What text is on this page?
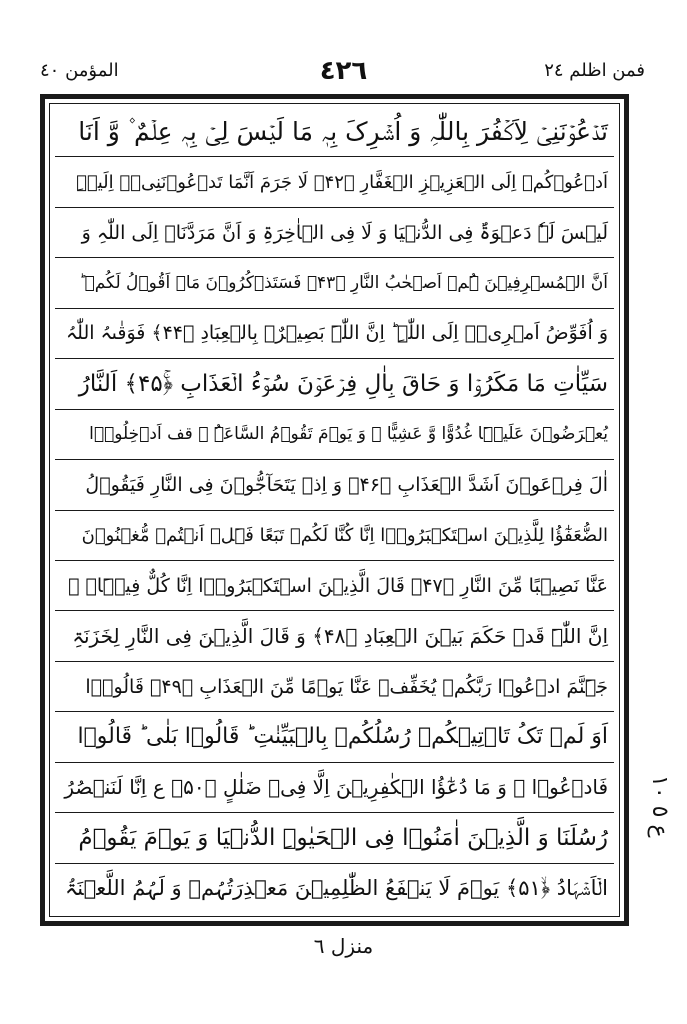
فمن اظلم ٢٤
٤٢٦
المؤمن ٤٠
تَدۡعُوۡنَنِیۡ لِاَکۡفُرَ بِاللّٰہِ وَ اُشۡرِکَ بِہٖ مَا لَیۡسَ لِیۡ بِہٖ عِلۡمٌ ۫ وَّ اَنَا
اَدۡعُوۡکُمۡ اِلَی الۡعَزِیۡزِ الۡغَفَّارِ ﴿۴۲﴾ لَا جَرَمَ اَنَّمَا تَدۡعُوۡنَنِیۡۤ اِلَیۡہِ
لَیۡسَ لَہٗ دَعۡوَۃٌ فِی الدُّنۡیَا وَ لَا فِی الۡاٰخِرَۃِ وَ اَنَّ مَرَدَّنَاۤ اِلَی اللّٰہِ وَ
اَنَّ الۡمُسۡرِفِیۡنَ ہُمۡ اَصۡحٰبُ النَّارِ ﴿۴۳﴾ فَسَتَذۡکُرُوۡنَ مَاۤ اَقُوۡلُ لَکُمۡ ؕ
وَ اُفَوِّضُ اَمۡرِیۡۤ اِلَی اللّٰہِ ؕ اِنَّ اللّٰہَ بَصِیۡرٌۢ بِالۡعِبَادِ ﴿۴۴﴾ فَوَقٰىہُ اللّٰہُ
سَیِّاٰتِ مَا مَکَرُوۡا وَ حَاقَ بِاٰلِ فِرۡعَوۡنَ سُوۡٓءُ الۡعَذَابِ ﴿ۚ۴۵﴾ اَلنَّارُ
یُعۡرَضُوۡنَ عَلَیۡہَا غُدُوًّا وَّ عَشِیًّا ۚ وَ یَوۡمَ تَقُوۡمُ السَّاعَۃُ ۟ قف اَدۡخِلُوۡۤا
اٰلَ فِرۡعَوۡنَ اَشَدَّ الۡعَذَابِ ﴿۴۶﴾ وَ اِذۡ یَتَحَآجُّوۡنَ فِی النَّارِ فَیَقُوۡلُ
الضُّعَفٰٓؤُا لِلَّذِیۡنَ اسۡتَکۡبَرُوۡۤا اِنَّا کُنَّا لَکُمۡ تَبَعًا فَہَلۡ اَنۡتُمۡ مُّغۡنُوۡنَ
عَنَّا نَصِیۡبًا مِّنَ النَّارِ ﴿۴۷﴾ قَالَ الَّذِیۡنَ اسۡتَکۡبَرُوۡۤا اِنَّا کُلٌّ فِیۡہَاۤ ۙ
اِنَّ اللّٰہَ قَدۡ حَکَمَ بَیۡنَ الۡعِبَادِ ﴿۴۸﴾ وَ قَالَ الَّذِیۡنَ فِی النَّارِ لِخَزَنَۃِ
جَہَنَّمَ ادۡعُوۡا رَبَّکُمۡ یُخَفِّفۡ عَنَّا یَوۡمًا مِّنَ الۡعَذَابِ ﴿۴۹﴾ قَالُوۡۤا
اَوَ لَمۡ تَکُ تَاۡتِیۡکُمۡ رُسُلُکُمۡ بِالۡبَیِّنٰتِ ؕ قَالُوۡا بَلٰی ؕ قَالُوۡا
فَادۡعُوۡا ۚ وَ مَا دُعٰٓؤُا الۡکٰفِرِیۡنَ اِلَّا فِیۡ ضَلٰلٍ ﴿۵۰﴾ ع اِنَّا لَنَنۡصُرُ
رُسُلَنَا وَ الَّذِیۡنَ اٰمَنُوۡا فِی الۡحَیٰوۃِ الدُّنۡیَا وَ یَوۡمَ یَقُوۡمُ
الۡاَشۡہَادُ ﴿ۙ۵۱﴾ یَوۡمَ لَا یَنۡفَعُ الظّٰلِمِیۡنَ مَعۡذِرَتُہُمۡ وَ لَہُمُ اللَّعۡنَۃُ
ع ٥ ١٠
منزل ٦
